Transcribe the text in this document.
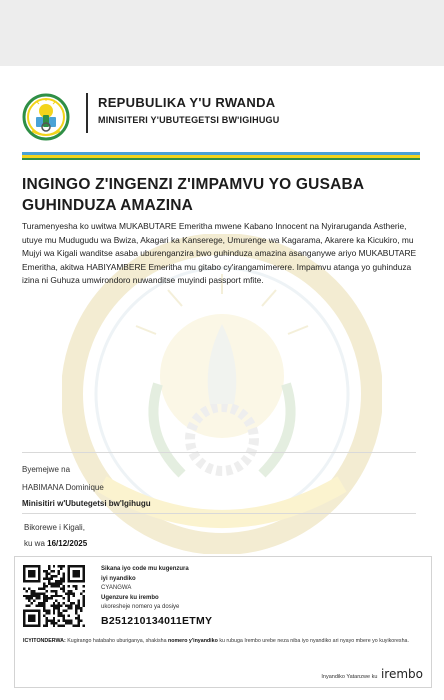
REPUBULIKA Y'U RWANDA
MINISITERI Y'UBUTEGETSI BW'IGIHUGU
INGINGO Z'INGENZI Z'IMPAMVU YO GUSABA GUHINDUZA AMAZINA
Turamenyesha ko uwitwa MUKABUTARE Emeritha mwene Kabano Innocent na Nyiraruganda Astherie, utuye mu Mudugudu wa Bwiza, Akagari ka Kanserege, Umurenge wa Kagarama, Akarere ka Kicukiro, mu Mujyi wa Kigali wanditse asaba uburenganzira bwo guhinduza amazina asanganywe ariyo MUKABUTARE Emeritha, akitwa HABIYAMBERE Emeritha mu gitabo cy'irangamimerere. Impamvu atanga yo guhinduza izina ni Guhuza umwirondoro nuwanditse muyindi passport mfite.
Byemejwe na
HABIMANA Dominique
Minisitiri w'Ubutegetsi bw'Igihugu
Bikorewe i Kigali,
ku wa 16/12/2025
Sikana iyo code mu kugenzura
iyi nyandiko
CYANGWA
Ugenzure ku irembo
ukoresheje nomero ya dosiye
B251210134011ETMY
ICYITONDERWA: Kugirango hatabaho uburiganya, shakisha nomero y'inyandiko ku rubuga Irembo urebe neza niba iyo nyandiko ari nyayo mbere yo kuyikoresha.
Inyandiko Yatanzwe ku irembo
